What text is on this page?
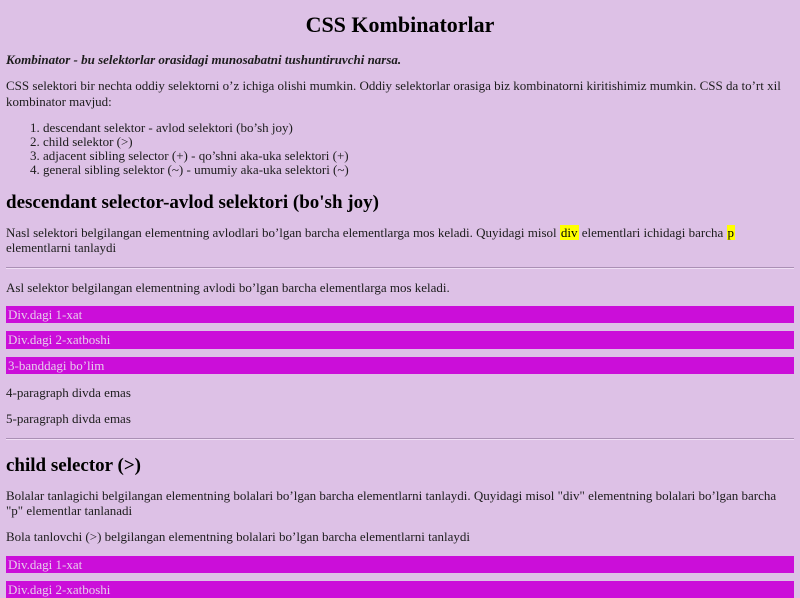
CSS Kombinatorlar

Kombinator - bu selektorlar orasidagi munosabatni tushuntiruvchi narsa.

CSS selektori bir nechta oddiy selektorni o’z ichiga olishi mumkin. Oddiy selektorlar orasiga biz kombinatorni kiritishimiz mumkin. CSS da to’rt xil kombinator mavjud:

1. descendant selektor - avlod selektori (bo’sh joy)
2. child selektor (>)
3. adjacent sibling selector (+) - qo’shni aka-uka selektori (+)
4. general sibling selektor (~) - umumiy aka-uka selektori (~)
descendant selector-avlod selektori (bo'sh joy)

Nasl selektori belgilangan elementning avlodlari bo’lgan barcha elementlarga mos keladi. Quyidagi misol div elementlari ichidagi barcha p elementlarni tanlaydi

Asl selektor belgilangan elementning avlodi bo’lgan barcha elementlarga mos keladi.

Div.dagi 1-xat

Div.dagi 2-xatboshi

3-banddagi bo’lim

4-paragraph divda emas

5-paragraph divda emas

child selector (>)

Bolalar tanlagichi belgilangan elementning bolalari bo’lgan barcha elementlarni tanlaydi. Quyidagi misol "div" elementning bolalari bo’lgan barcha "p" elementlar tanlanadi

Bola tanlovchi (>) belgilangan elementning bolalari bo’lgan barcha elementlarni tanlaydi

Div.dagi 1-xat

Div.dagi 2-xatboshi
